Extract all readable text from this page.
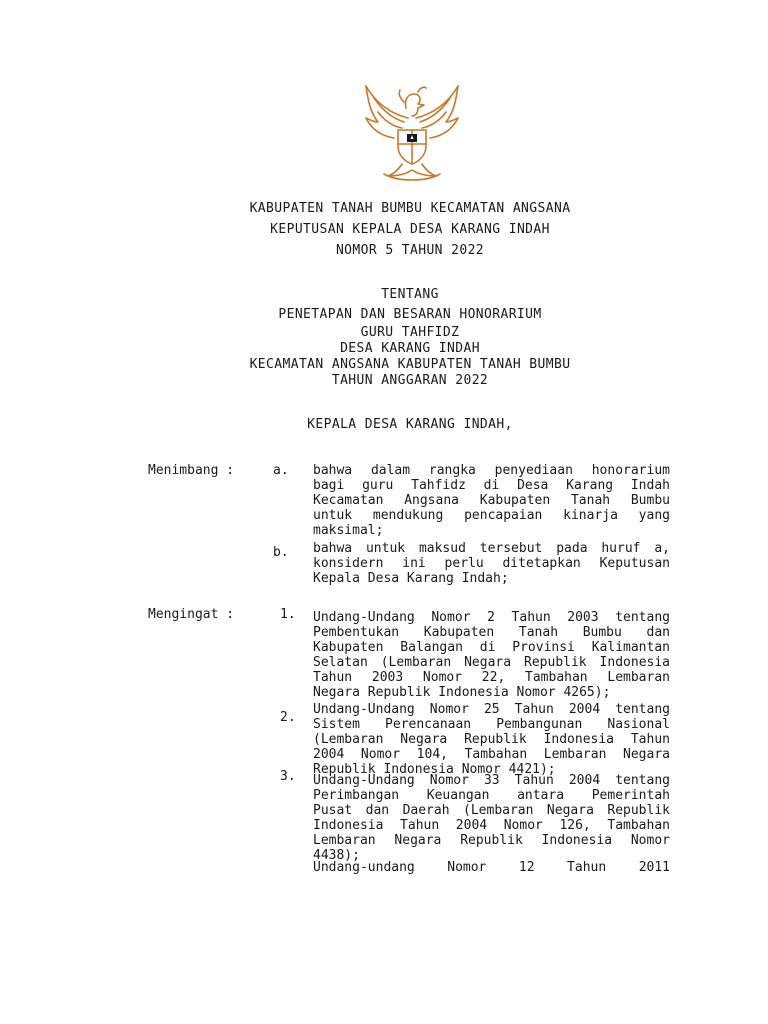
KABUPATEN TANAH BUMBU KECAMATAN ANGSANA
KEPUTUSAN KEPALA DESA KARANG INDAH
NOMOR 5 TAHUN 2022
TENTANG
PENETAPAN DAN BESARAN HONORARIUM
GURU TAHFIDZ
DESA KARANG INDAH
KECAMATAN ANGSANA KABUPATEN TANAH BUMBU
TAHUN ANGGARAN 2022
KEPALA DESA KARANG INDAH,
Menimbang :	a. bahwa dalam rangka penyediaan honorarium
bagi guru Tahfidz di Desa Karang Indah
Kecamatan Angsana Kabupaten Tanah Bumbu
untuk mendukung pencapaian kinarja yang
maksimal;
b. bahwa untuk maksud tersebut pada huruf a,
konsidern ini perlu ditetapkan Keputusan
Kepala Desa Karang Indah;
Mengingat :	1. Undang-Undang Nomor 2 Tahun 2003 tentang
Pembentukan Kabupaten Tanah Bumbu dan
Kabupaten Balangan di Provinsi Kalimantan
Selatan (Lembaran Negara Republik Indonesia
Tahun 2003 Nomor 22, Tambahan Lembaran
Negara Republik Indonesia Nomor 4265);
2.
Undang-Undang Nomor 25 Tahun 2004 tentang
Sistem Perencanaan Pembangunan Nasional
(Lembaran Negara Republik Indonesia Tahun
2004 Nomor 104, Tambahan Lembaran Negara
Republik Indonesia Nomor 4421);
3. Undang-Undang Nomor 33 Tahun 2004 tentang
Perimbangan Keuangan antara Pemerintah
Pusat dan Daerah (Lembaran Negara Republik
Indonesia Tahun 2004 Nomor 126, Tambahan
Lembaran Negara Republik Indonesia Nomor
4438);
Undang-undang Nomor 12 Tahun 2011
